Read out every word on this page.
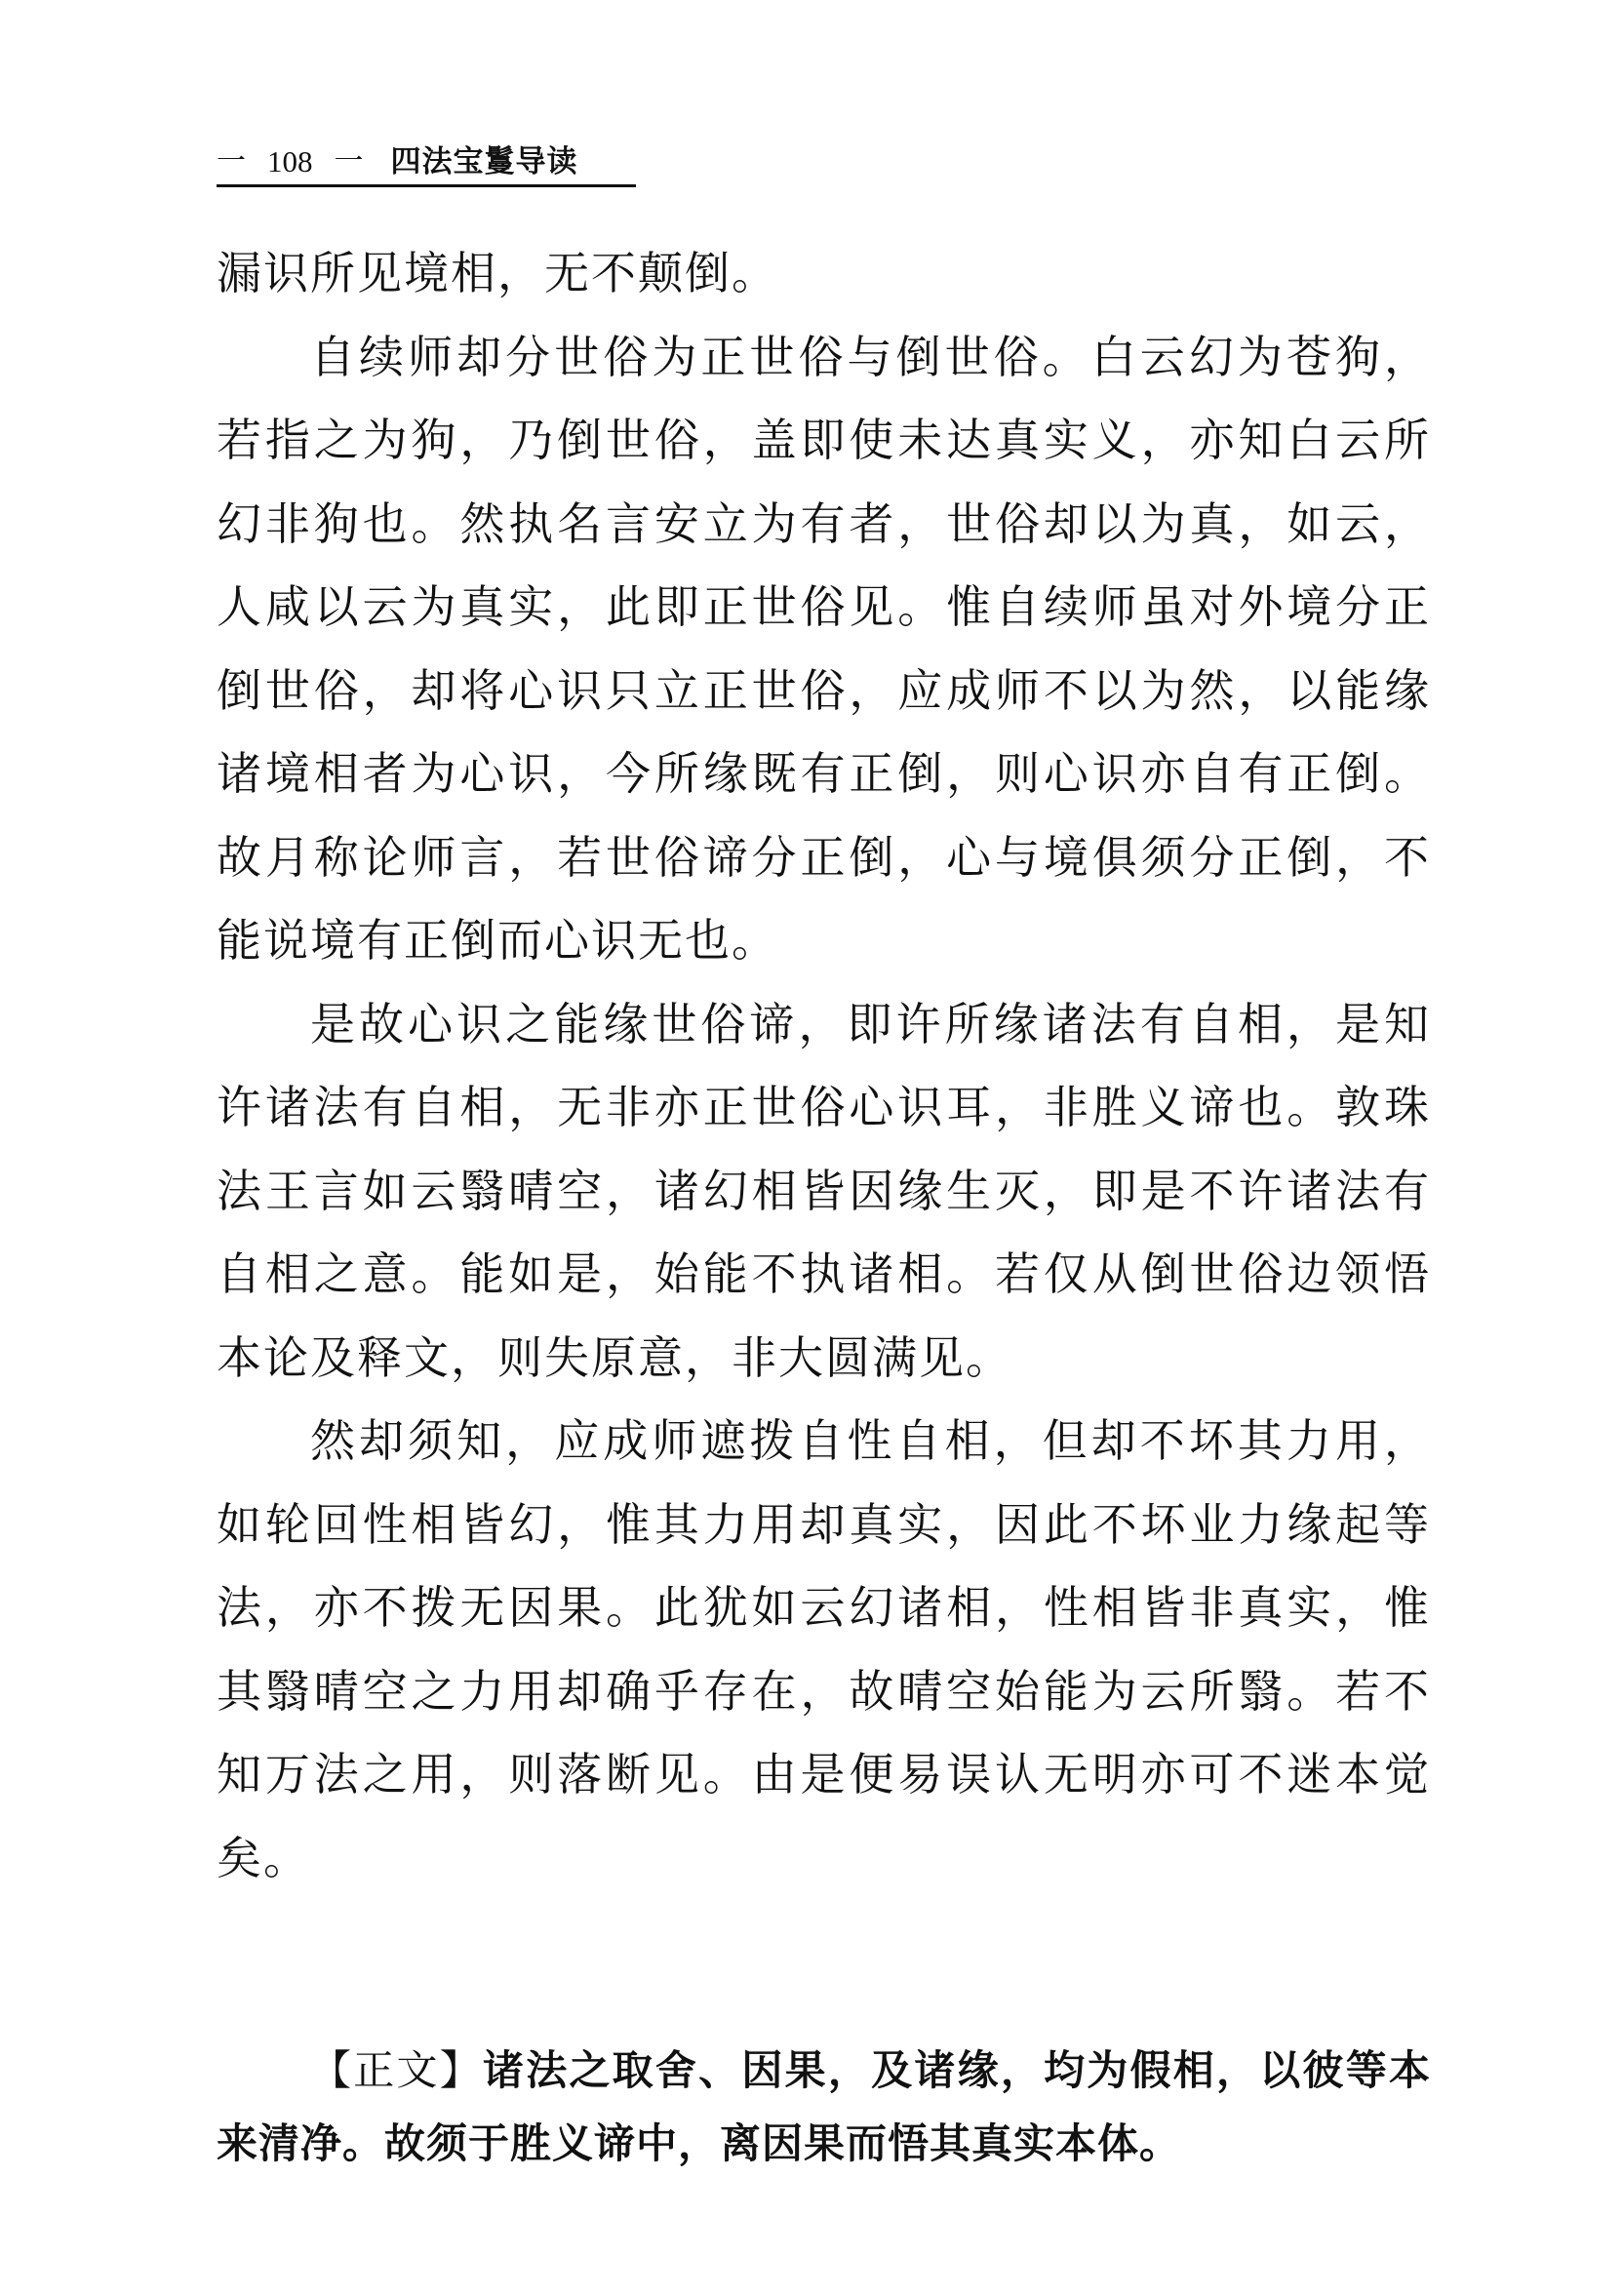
一 108 一 四法宝鬘导读

漏识所见境相，无不颠倒。

自续师却分世俗为正世俗与倒世俗。白云幻为苍狗，若指之为狗，乃倒世俗，盖即使未达真实义，亦知白云所幻非狗也。然执名言安立为有者，世俗却以为真，如云，人咸以云为真实，此即正世俗见。惟自续师虽对外境分正倒世俗，却将心识只立正世俗，应成师不以为然，以能缘诸境相者为心识，今所缘既有正倒，则心识亦自有正倒。故月称论师言，若世俗谛分正倒，心与境俱须分正倒，不能说境有正倒而心识无也。

是故心识之能缘世俗谛，即许所缘诸法有自相，是知许诸法有自相，无非亦正世俗心识耳，非胜义谛也。敦珠法王言如云翳晴空，诸幻相皆因缘生灭，即是不许诸法有自相之意。能如是，始能不执诸相。若仅从倒世俗边领悟本论及释文，则失原意，非大圆满见。

然却须知，应成师遮拨自性自相，但却不坏其力用，如轮回性相皆幻，惟其力用却真实，因此不坏业力缘起等法，亦不拨无因果。此犹如云幻诸相，性相皆非真实，惟其翳晴空之力用却确乎存在，故晴空始能为云所翳。若不知万法之用，则落断见。由是便易误认无明亦可不迷本觉矣。

【正文】诸法之取舍、因果，及诸缘，均为假相，以彼等本来清净。故须于胜义谛中，离因果而悟其真实本体。
